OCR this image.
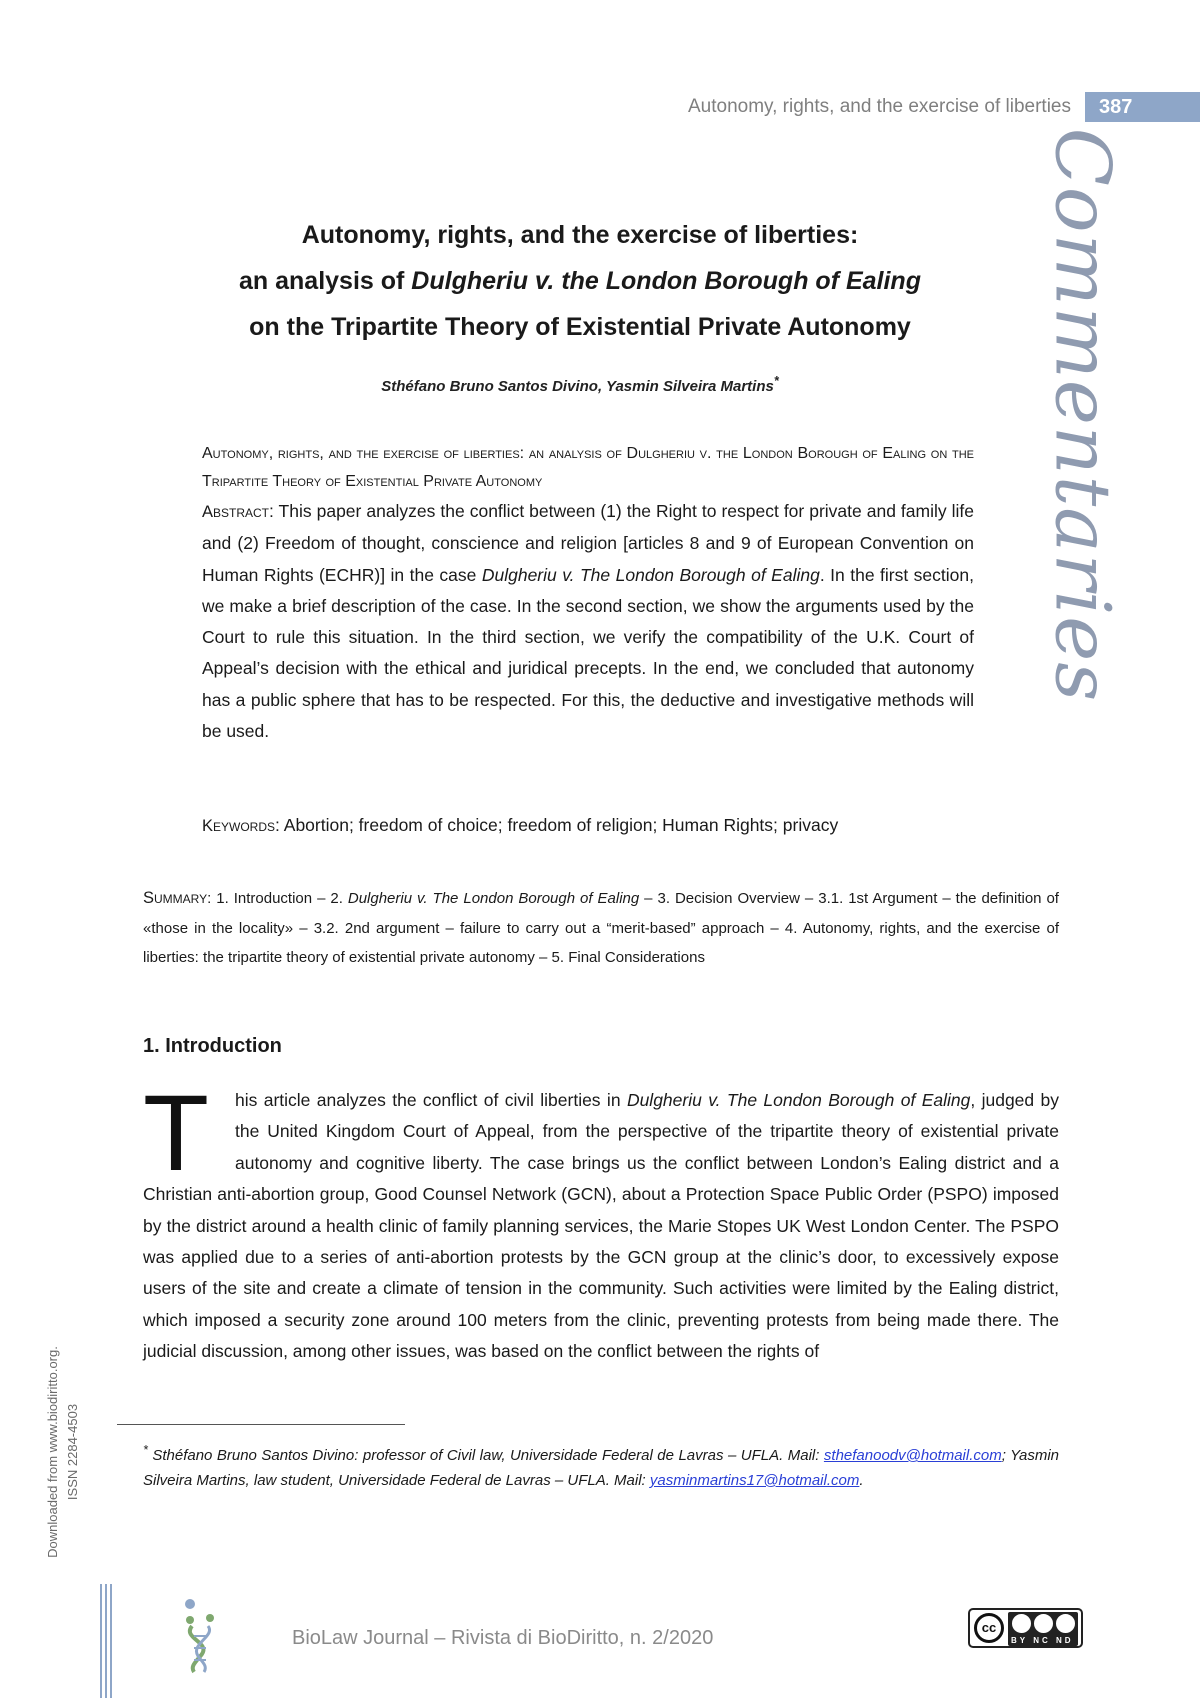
Autonomy, rights, and the exercise of liberties	387
Commentaries
Autonomy, rights, and the exercise of liberties:
an analysis of Dulgheriu v. the London Borough of Ealing
on the Tripartite Theory of Existential Private Autonomy
Sthéfano Bruno Santos Divino, Yasmin Silveira Martins*
Autonomy, rights, and the exercise of liberties: an analysis of Dulgheriu v. the London Borough of Ealing on the Tripartite Theory of Existential Private Autonomy
Abstract: This paper analyzes the conflict between (1) the Right to respect for private and family life and (2) Freedom of thought, conscience and religion [articles 8 and 9 of European Convention on Human Rights (ECHR)] in the case Dulgheriu v. The London Borough of Ealing. In the first section, we make a brief description of the case. In the second section, we show the arguments used by the Court to rule this situation. In the third section, we verify the compatibility of the U.K. Court of Appeal’s decision with the ethical and juridical precepts. In the end, we concluded that autonomy has a public sphere that has to be respected. For this, the deductive and investigative methods will be used.
Keywords: Abortion; freedom of choice; freedom of religion; Human Rights; privacy
Summary: 1. Introduction – 2. Dulgheriu v. The London Borough of Ealing – 3. Decision Overview – 3.1. 1st Argument – the definition of «those in the locality» – 3.2. 2nd argument – failure to carry out a “merit-based” approach – 4. Autonomy, rights, and the exercise of liberties: the tripartite theory of existential private autonomy – 5. Final Considerations
1. Introduction
T his article analyzes the conflict of civil liberties in Dulgheriu v. The London Borough of Ealing, judged by the United Kingdom Court of Appeal, from the perspective of the tripartite theory of existential private autonomy and cognitive liberty. The case brings us the conflict between London’s Ealing district and a Christian anti-abortion group, Good Counsel Network (GCN), about a Protection Space Public Order (PSPO) imposed by the district around a health clinic of family planning services, the Marie Stopes UK West London Center. The PSPO was applied due to a series of anti-abortion protests by the GCN group at the clinic’s door, to excessively expose users of the site and create a climate of tension in the community. Such activities were limited by the Ealing district, which imposed a security zone around 100 meters from the clinic, preventing protests from being made there. The judicial discussion, among other issues, was based on the conflict between the rights of
* Sthéfano Bruno Santos Divino: professor of Civil law, Universidade Federal de Lavras – UFLA. Mail: sthefanoodv@hotmail.com; Yasmin Silveira Martins, law student, Universidade Federal de Lavras – UFLA. Mail: yasminmartins17@hotmail.com.
Downloaded from www.biodiritto.org. ISSN 2284-4503
BioLaw Journal – Rivista di BioDiritto, n. 2/2020	cc
BY NC ND
